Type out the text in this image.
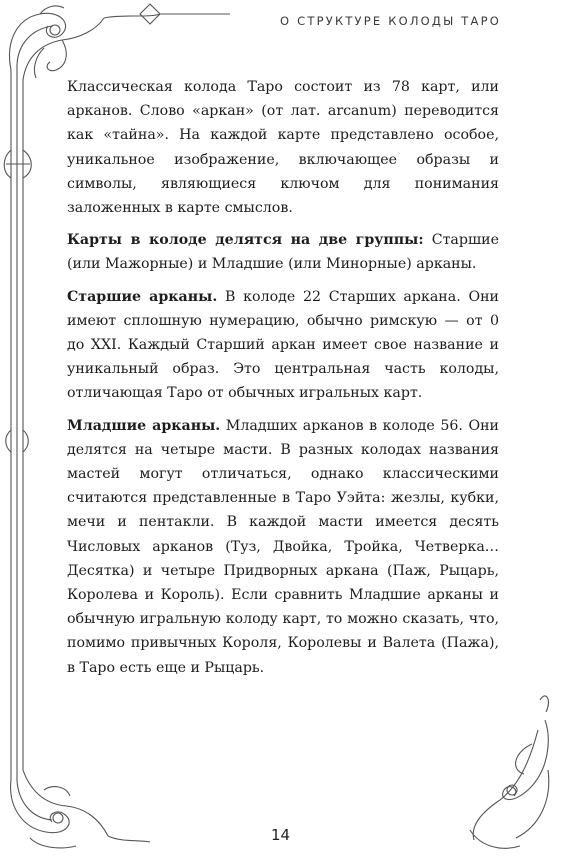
О СТРУКТУРЕ КОЛОДЫ ТАРО

Классическая колода Таро состоит из 78 карт, или арканов. Слово «аркан» (от лат. arcanum) переводится как «тайна». На каждой карте представлено особое, уникальное изображение, включающее образы и символы, являющиеся ключом для понимания заложенных в карте смыслов.

Карты в колоде делятся на две группы: Старшие (или Мажорные) и Младшие (или Минорные) арканы.

Старшие арканы. В колоде 22 Старших аркана. Они имеют сплошную нумерацию, обычно римскую — от 0 до XXI. Каждый Старший аркан имеет свое название и уникальный образ. Это центральная часть колоды, отличающая Таро от обычных игральных карт.

Младшие арканы. Младших арканов в колоде 56. Они делятся на четыре масти. В разных колодах названия мастей могут отличаться, однако классическими считаются представленные в Таро Уэйта: жезлы, кубки, мечи и пентакли. В каждой масти имеется десять Числовых арканов (Туз, Двойка, Тройка, Четверка… Десятка) и четыре Придворных аркана (Паж, Рыцарь, Королева и Король). Если сравнить Младшие арканы и обычную игральную колоду карт, то можно сказать, что, помимо привычных Короля, Королевы и Валета (Пажа), в Таро есть еще и Рыцарь.

14
